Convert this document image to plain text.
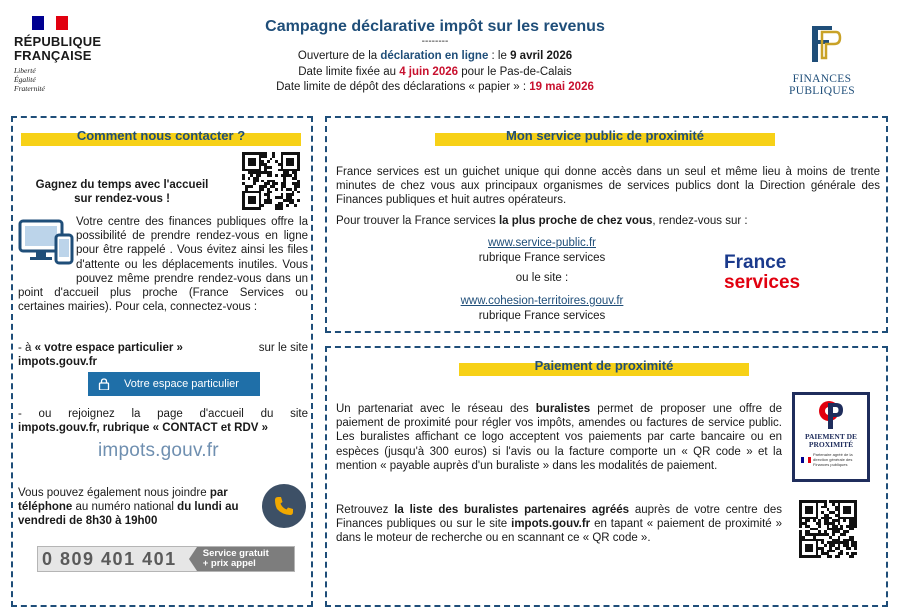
RÉPUBLIQUE
FRANÇAISE
Liberté
Égalité
Fraternité
Campagne déclarative impôt sur les revenus
--------
Ouverture de la déclaration en ligne : le 9 avril 2026
Date limite fixée au 4 juin 2026 pour le Pas-de-Calais
Date limite de dépôt des déclarations « papier » : 19 mai 2026
FINANCES PUBLIQUES
Comment nous contacter ?
Gagnez du temps avec l'accueil
sur rendez-vous !
Votre centre des finances publiques offre la possibilité de prendre rendez-vous en ligne pour être rappelé . Vous évitez ainsi les files d'attente ou les déplacements inutiles. Vous pouvez même prendre rendez-vous dans un point d'accueil plus proche (France Services ou certaines mairies). Pour cela, connectez-vous :
- à « votre espace particulier »	sur le site
impots.gouv.fr
Votre espace particulier
- ou rejoignez la page d'accueil du site
impots.gouv.fr, rubrique « CONTACT et RDV »
impots.gouv.fr
Vous pouvez également nous joindre par téléphone au numéro national du lundi au vendredi de 8h30 à 19h00
0 809 401 401	Service gratuit
+ prix appel
Mon service public de proximité
France services est un guichet unique qui donne accès dans un seul et même lieu à moins de trente minutes de chez vous aux principaux organismes de services publics dont la Direction générale des Finances publiques et huit autres opérateurs.
Pour trouver la France services la plus proche de chez vous, rendez-vous sur :
www.service-public.fr
rubrique France services
ou le site :
www.cohesion-territoires.gouv.fr
rubrique France services
France
services
Paiement de proximité
Un partenariat avec le réseau des buralistes permet de proposer une offre de paiement de proximité pour régler vos impôts, amendes ou factures de service public. Les buralistes affichant ce logo acceptent vos paiements par carte bancaire ou en espèces (jusqu'à 300 euros) si l'avis ou la facture comporte un « QR code » et la mention « payable auprès d'un buraliste » dans les modalités de paiement.
Retrouvez la liste des buralistes partenaires agréés auprès de votre centre des Finances publiques ou sur le site impots.gouv.fr en tapant « paiement de proximité » dans le moteur de recherche ou en scannant ce « QR code ».
PAIEMENT DE
PROXIMITÉ
Partenaire agréé de la direction générale des Finances publiques
